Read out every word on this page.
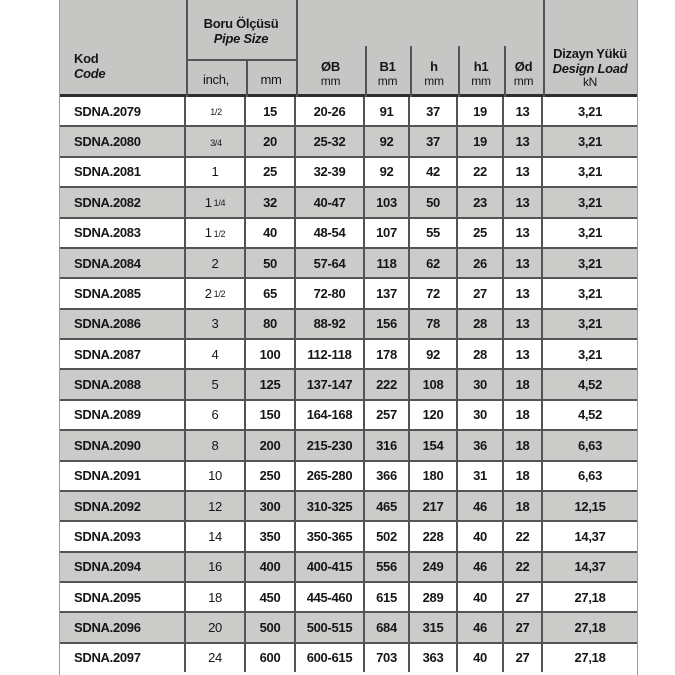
Kod
Code
Boru Ölçüsü
Pipe Size
inch,	mm
ØB
mm
B1
mm
h
mm
h1
mm
Ød
mm
Dizayn Yükü
Design Load
kN
SDNA.2079	1/2	15	20-26	91	37	19	13	3,21
SDNA.2080	3/4	20	25-32	92	37	19	13	3,21
SDNA.2081	1	25	32-39	92	42	22	13	3,21
SDNA.2082	1 1/4	32	40-47	103	50	23	13	3,21
SDNA.2083	1 1/2	40	48-54	107	55	25	13	3,21
SDNA.2084	2	50	57-64	118	62	26	13	3,21
SDNA.2085	2 1/2	65	72-80	137	72	27	13	3,21
SDNA.2086	3	80	88-92	156	78	28	13	3,21
SDNA.2087	4	100	112-118	178	92	28	13	3,21
SDNA.2088	5	125	137-147	222	108	30	18	4,52
SDNA.2089	6	150	164-168	257	120	30	18	4,52
SDNA.2090	8	200	215-230	316	154	36	18	6,63
SDNA.2091	10	250	265-280	366	180	31	18	6,63
SDNA.2092	12	300	310-325	465	217	46	18	12,15
SDNA.2093	14	350	350-365	502	228	40	22	14,37
SDNA.2094	16	400	400-415	556	249	46	22	14,37
SDNA.2095	18	450	445-460	615	289	40	27	27,18
SDNA.2096	20	500	500-515	684	315	46	27	27,18
SDNA.2097	24	600	600-615	703	363	40	27	27,18
